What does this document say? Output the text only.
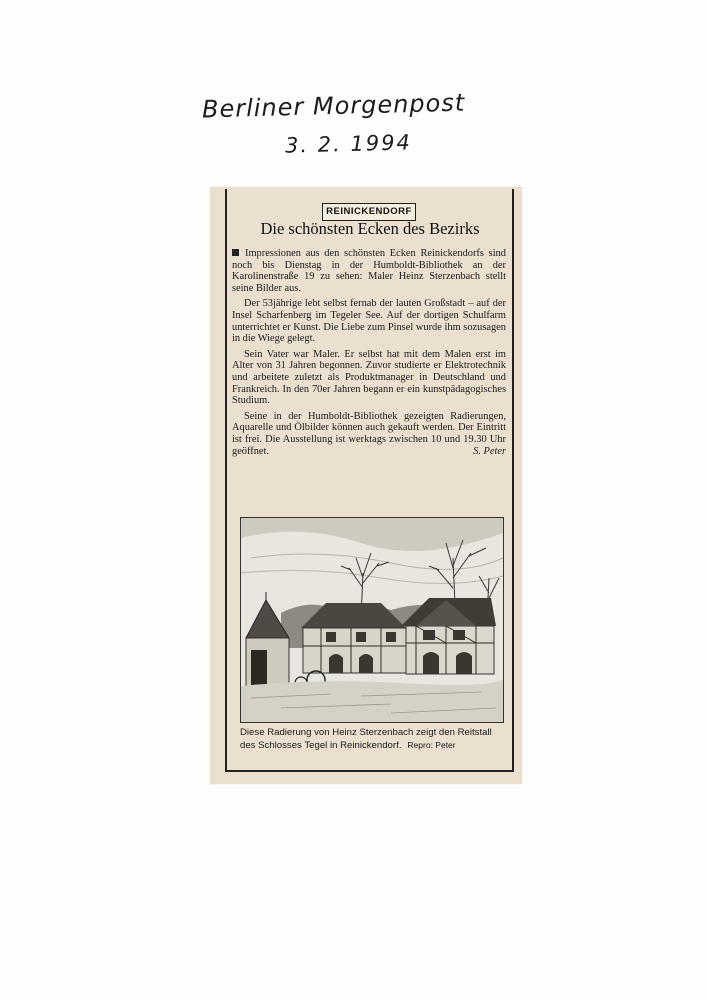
Berliner Morgenpost
3. 2. 1994
REINICKENDORF
Die schönsten Ecken des Bezirks

Impressionen aus den schönsten Ecken Reinickendorfs sind noch bis Dienstag in der Humboldt-Bibliothek an der Karolinenstraße 19 zu sehen: Maler Heinz Sterzenbach stellt seine Bilder aus.

Der 53jährige lebt selbst fernab der lauten Großstadt – auf der Insel Scharfenberg im Tegeler See. Auf der dortigen Schulfarm unterrichtet er Kunst. Die Liebe zum Pinsel wurde ihm sozusagen in die Wiege gelegt.

Sein Vater war Maler. Er selbst hat mit dem Malen erst im Alter von 31 Jahren begonnen. Zuvor studierte er Elektrotechnik und arbeitete zuletzt als Produktmanager in Deutschland und Frankreich. In den 70er Jahren begann er ein kunstpädagogisches Studium.

Seine in der Humboldt-Bibliothek gezeigten Radierungen, Aquarelle und Ölbilder können auch gekauft werden. Der Eintritt ist frei. Die Ausstellung ist werktags zwischen 10 und 19.30 Uhr geöffnet.	S. Peter

Diese Radierung von Heinz Sterzenbach zeigt den Reitstall des Schlosses Tegel in Reinickendorf. Repro: Peter
